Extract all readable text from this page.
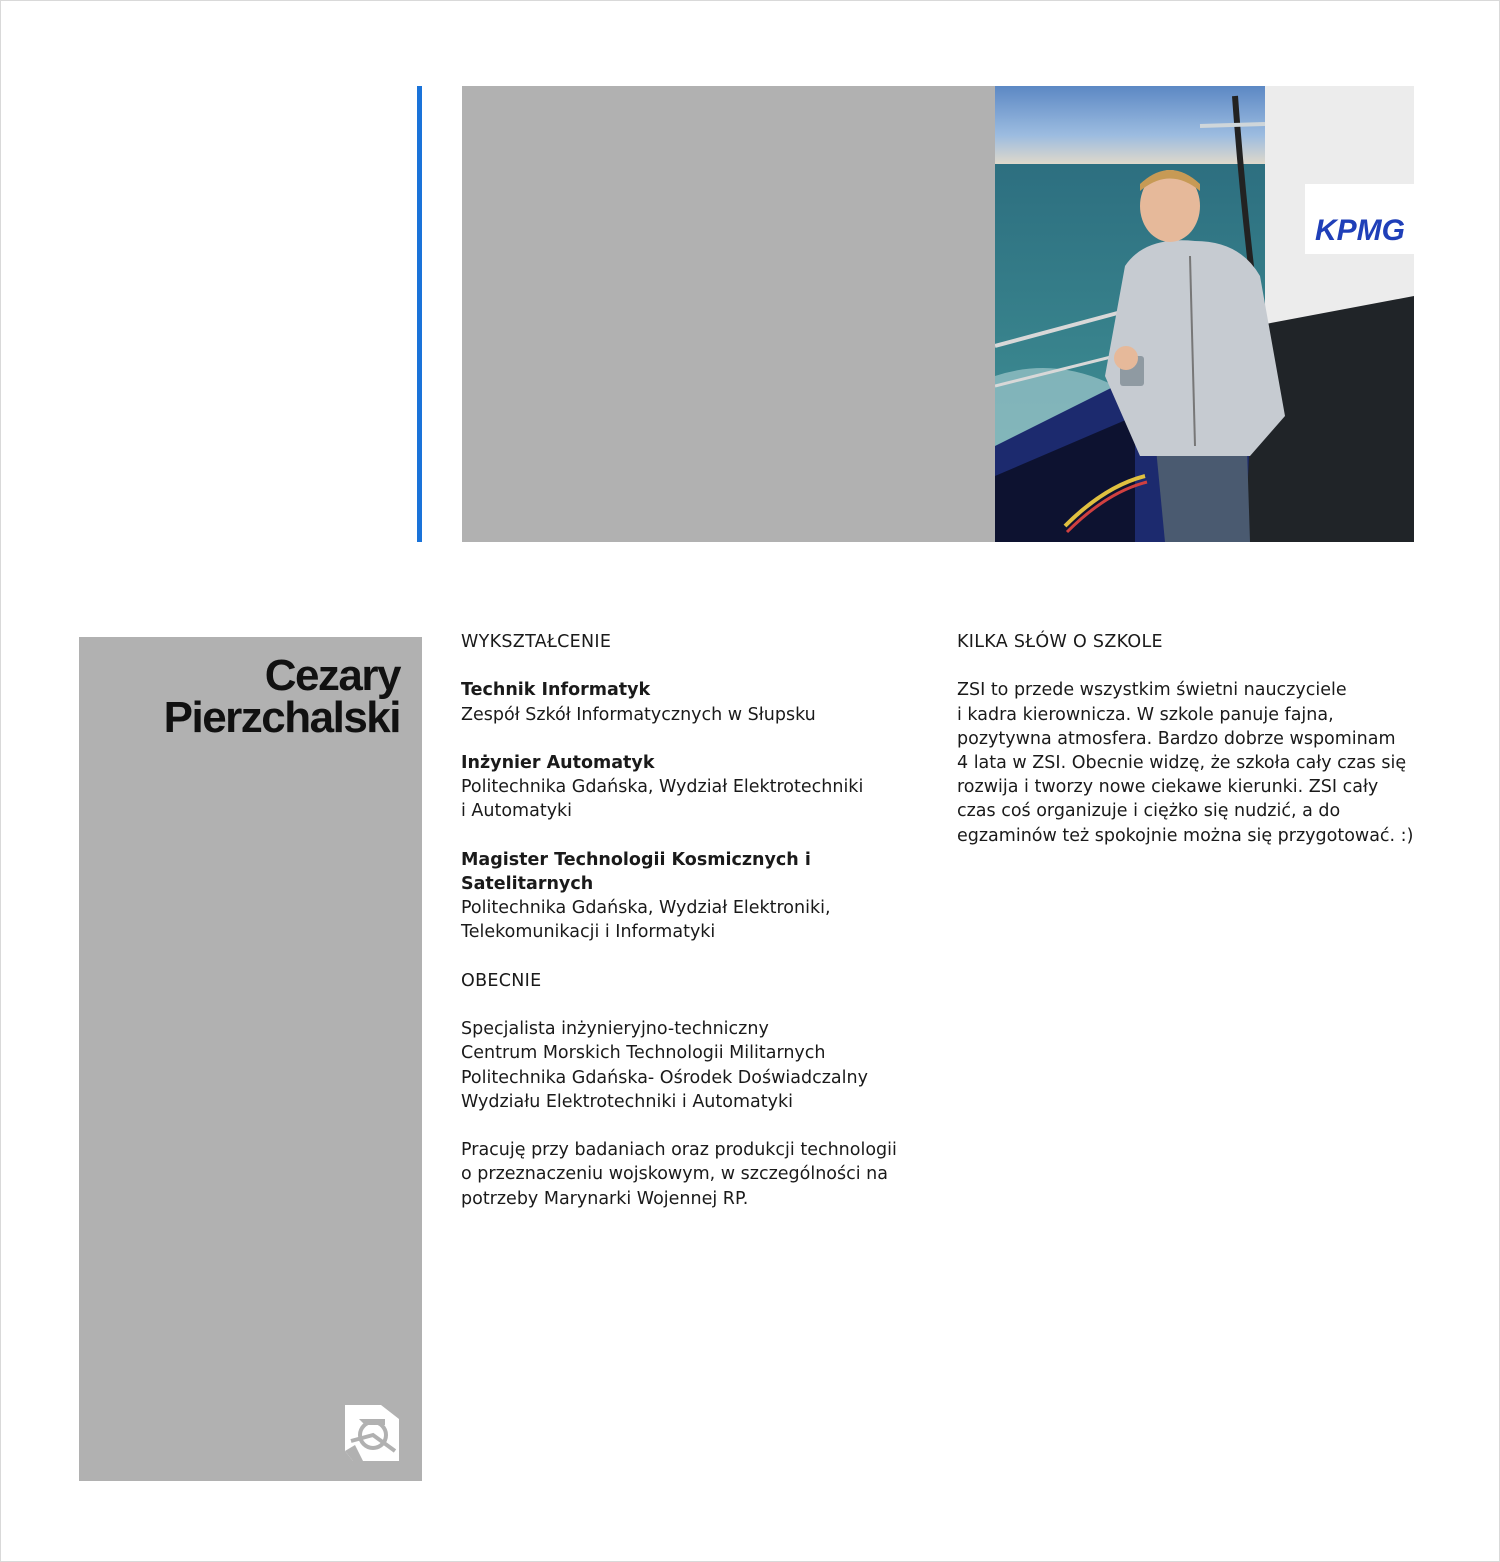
KPMG
Cezary
Pierzchalski

WYKSZTAŁCENIE

Technik Informatyk

Zespół Szkół Informatycznych w Słupsku

Inżynier Automatyk

Politechnika Gdańska, Wydział Elektrotechniki

i Automatyki

Magister Technologii Kosmicznych i Satelitarnych

Politechnika Gdańska, Wydział Elektroniki,

Telekomunikacji i Informatyki

OBECNIE

Specjalista inżynieryjno-techniczny

Centrum Morskich Technologii Militarnych

Politechnika Gdańska- Ośrodek Doświadczalny

Wydziału Elektrotechniki i Automatyki

Pracuję przy badaniach oraz produkcji technologii

o przeznaczeniu wojskowym, w szczególności na

potrzeby Marynarki Wojennej RP.

KILKA SŁÓW O SZKOLE

ZSI to przede wszystkim świetni nauczyciele

i kadra kierownicza. W szkole panuje fajna,

pozytywna atmosfera. Bardzo dobrze wspominam

4 lata w ZSI. Obecnie widzę, że szkoła cały czas się

rozwija i tworzy nowe ciekawe kierunki. ZSI cały

czas coś organizuje i ciężko się nudzić, a do

egzaminów też spokojnie można się przygotować. :)
